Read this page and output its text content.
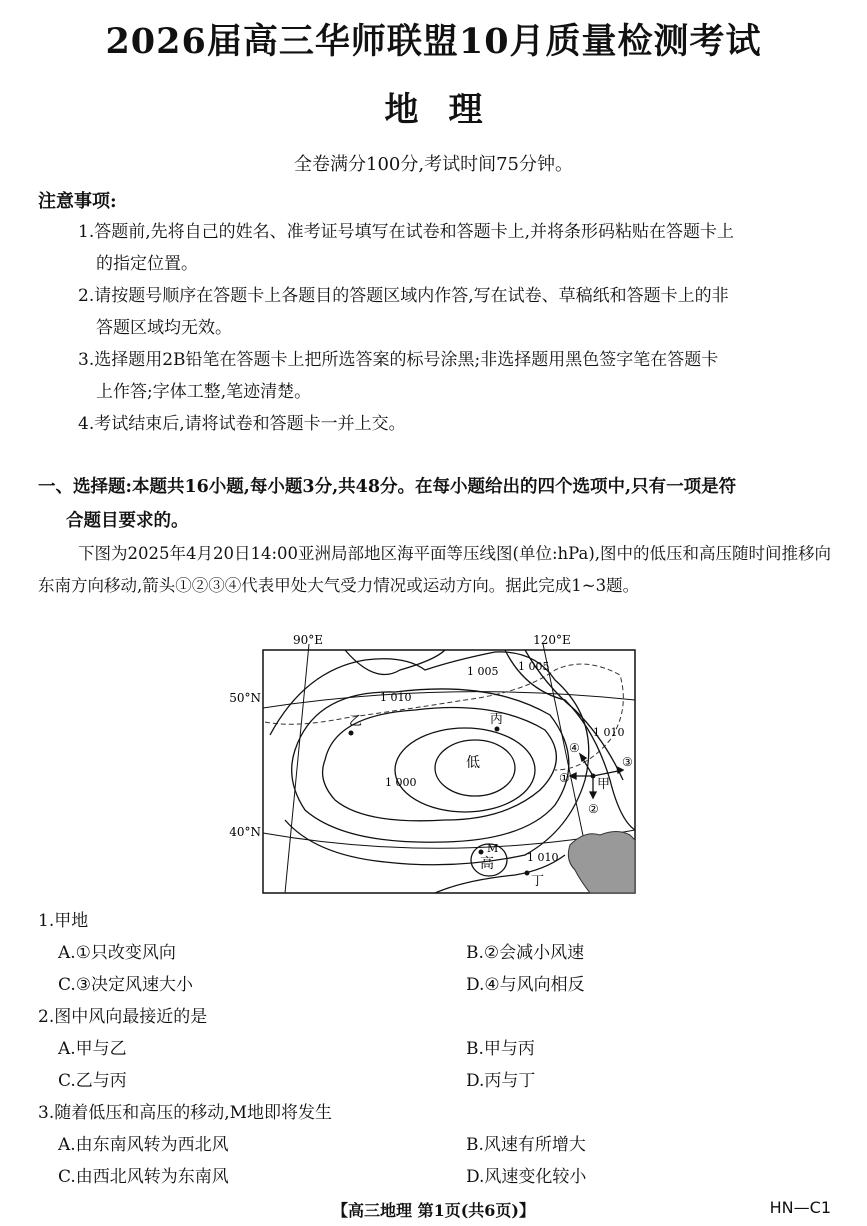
2026届高三华师联盟10月质量检测考试
地理
全卷满分100分,考试时间75分钟。
注意事项:
1.答题前,先将自己的姓名、准考证号填写在试卷和答题卡上,并将条形码粘贴在答题卡上
的指定位置。
2.请按题号顺序在答题卡上各题目的答题区域内作答,写在试卷、草稿纸和答题卡上的非
答题区域均无效。
3.选择题用2B铅笔在答题卡上把所选答案的标号涂黑;非选择题用黑色签字笔在答题卡
上作答;字体工整,笔迹清楚。
4.考试结束后,请将试卷和答题卡一并上交。
一、选择题:本题共16小题,每小题3分,共48分。在每小题给出的四个选项中,只有一项是符
合题目要求的。
下图为2025年4月20日14:00亚洲局部地区海平面等压线图(单位:hPa),图中的低压和高压随时间推移向东南方向移动,箭头①②③④代表甲处大气受力情况或运动方向。据此完成1~3题。
90°E	120°E
50°N
40°N
1 005 1 005
1 010
1 000
1 010
1 010
低
高
乙	丙
甲
丁
M
①
②
③
④
1.甲地
A.①只改变风向	B.②会减小风速
C.③决定风速大小	D.④与风向相反
2.图中风向最接近的是
A.甲与乙	B.甲与丙
C.乙与丙	D.丙与丁
3.随着低压和高压的移动,M地即将发生
A.由东南风转为西北风	B.风速有所增大
C.由西北风转为东南风	D.风速变化较小
【高三地理 第1页(共6页)】	HN—C1
